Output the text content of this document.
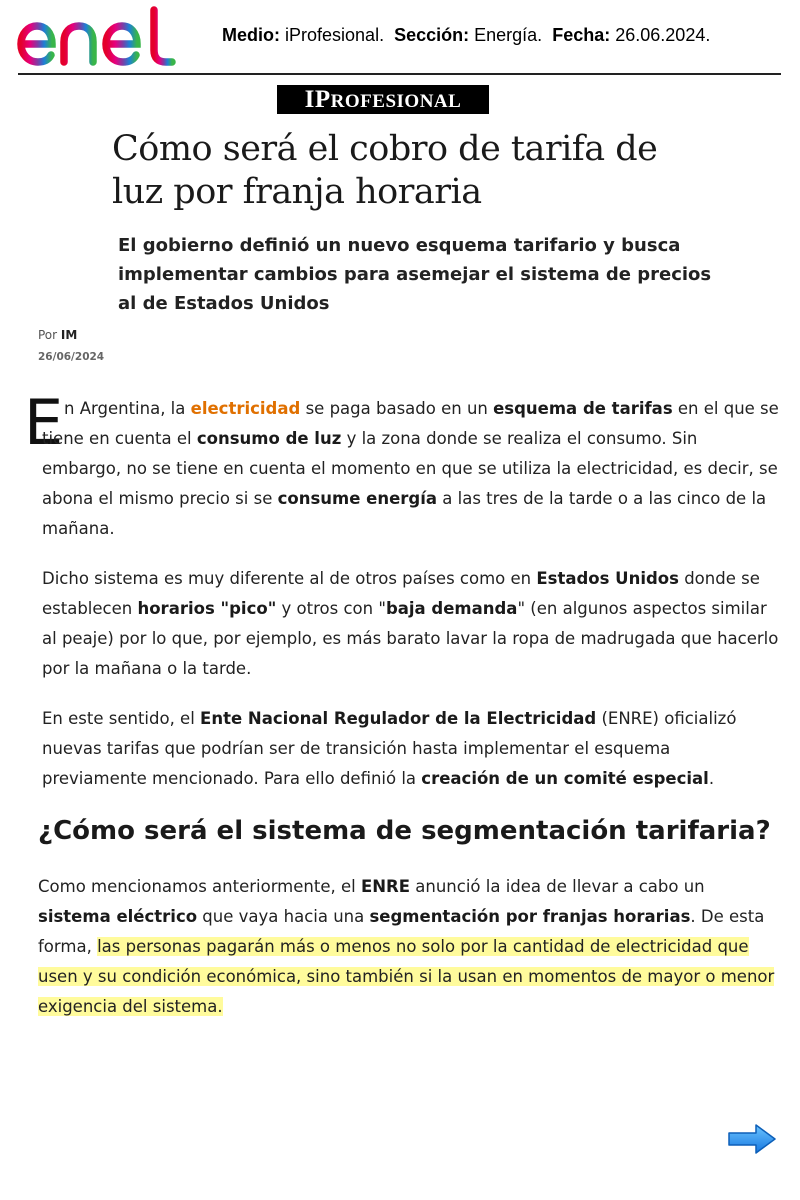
Medio: iProfesional. Sección: Energía. Fecha: 26.06.2024.
IPROFESIONAL
Cómo será el cobro de tarifa de luz por franja horaria

El gobierno definió un nuevo esquema tarifario y busca implementar cambios para asemejar el sistema de precios al de Estados Unidos

Por IM
26/06/2024
E n Argentina, la electricidad se paga basado en un esquema de tarifas en el que se tiene en cuenta el consumo de luz y la zona donde se realiza el consumo. Sin embargo, no se tiene en cuenta el momento en que se utiliza la electricidad, es decir, se abona el mismo precio si se consume energía a las tres de la tarde o a las cinco de la mañana.

Dicho sistema es muy diferente al de otros países como en Estados Unidos donde se establecen horarios "pico" y otros con "baja demanda" (en algunos aspectos similar al peaje) por lo que, por ejemplo, es más barato lavar la ropa de madrugada que hacerlo por la mañana o la tarde.

En este sentido, el Ente Nacional Regulador de la Electricidad (ENRE) oficializó nuevas tarifas que podrían ser de transición hasta implementar el esquema previamente mencionado. Para ello definió la creación de un comité especial.

¿Cómo será el sistema de segmentación tarifaria?

Como mencionamos anteriormente, el ENRE anunció la idea de llevar a cabo un sistema eléctrico que vaya hacia una segmentación por franjas horarias. De esta forma, las personas pagarán más o menos no solo por la cantidad de electricidad que usen y su condición económica, sino también si la usan en momentos de mayor o menor exigencia del sistema.
